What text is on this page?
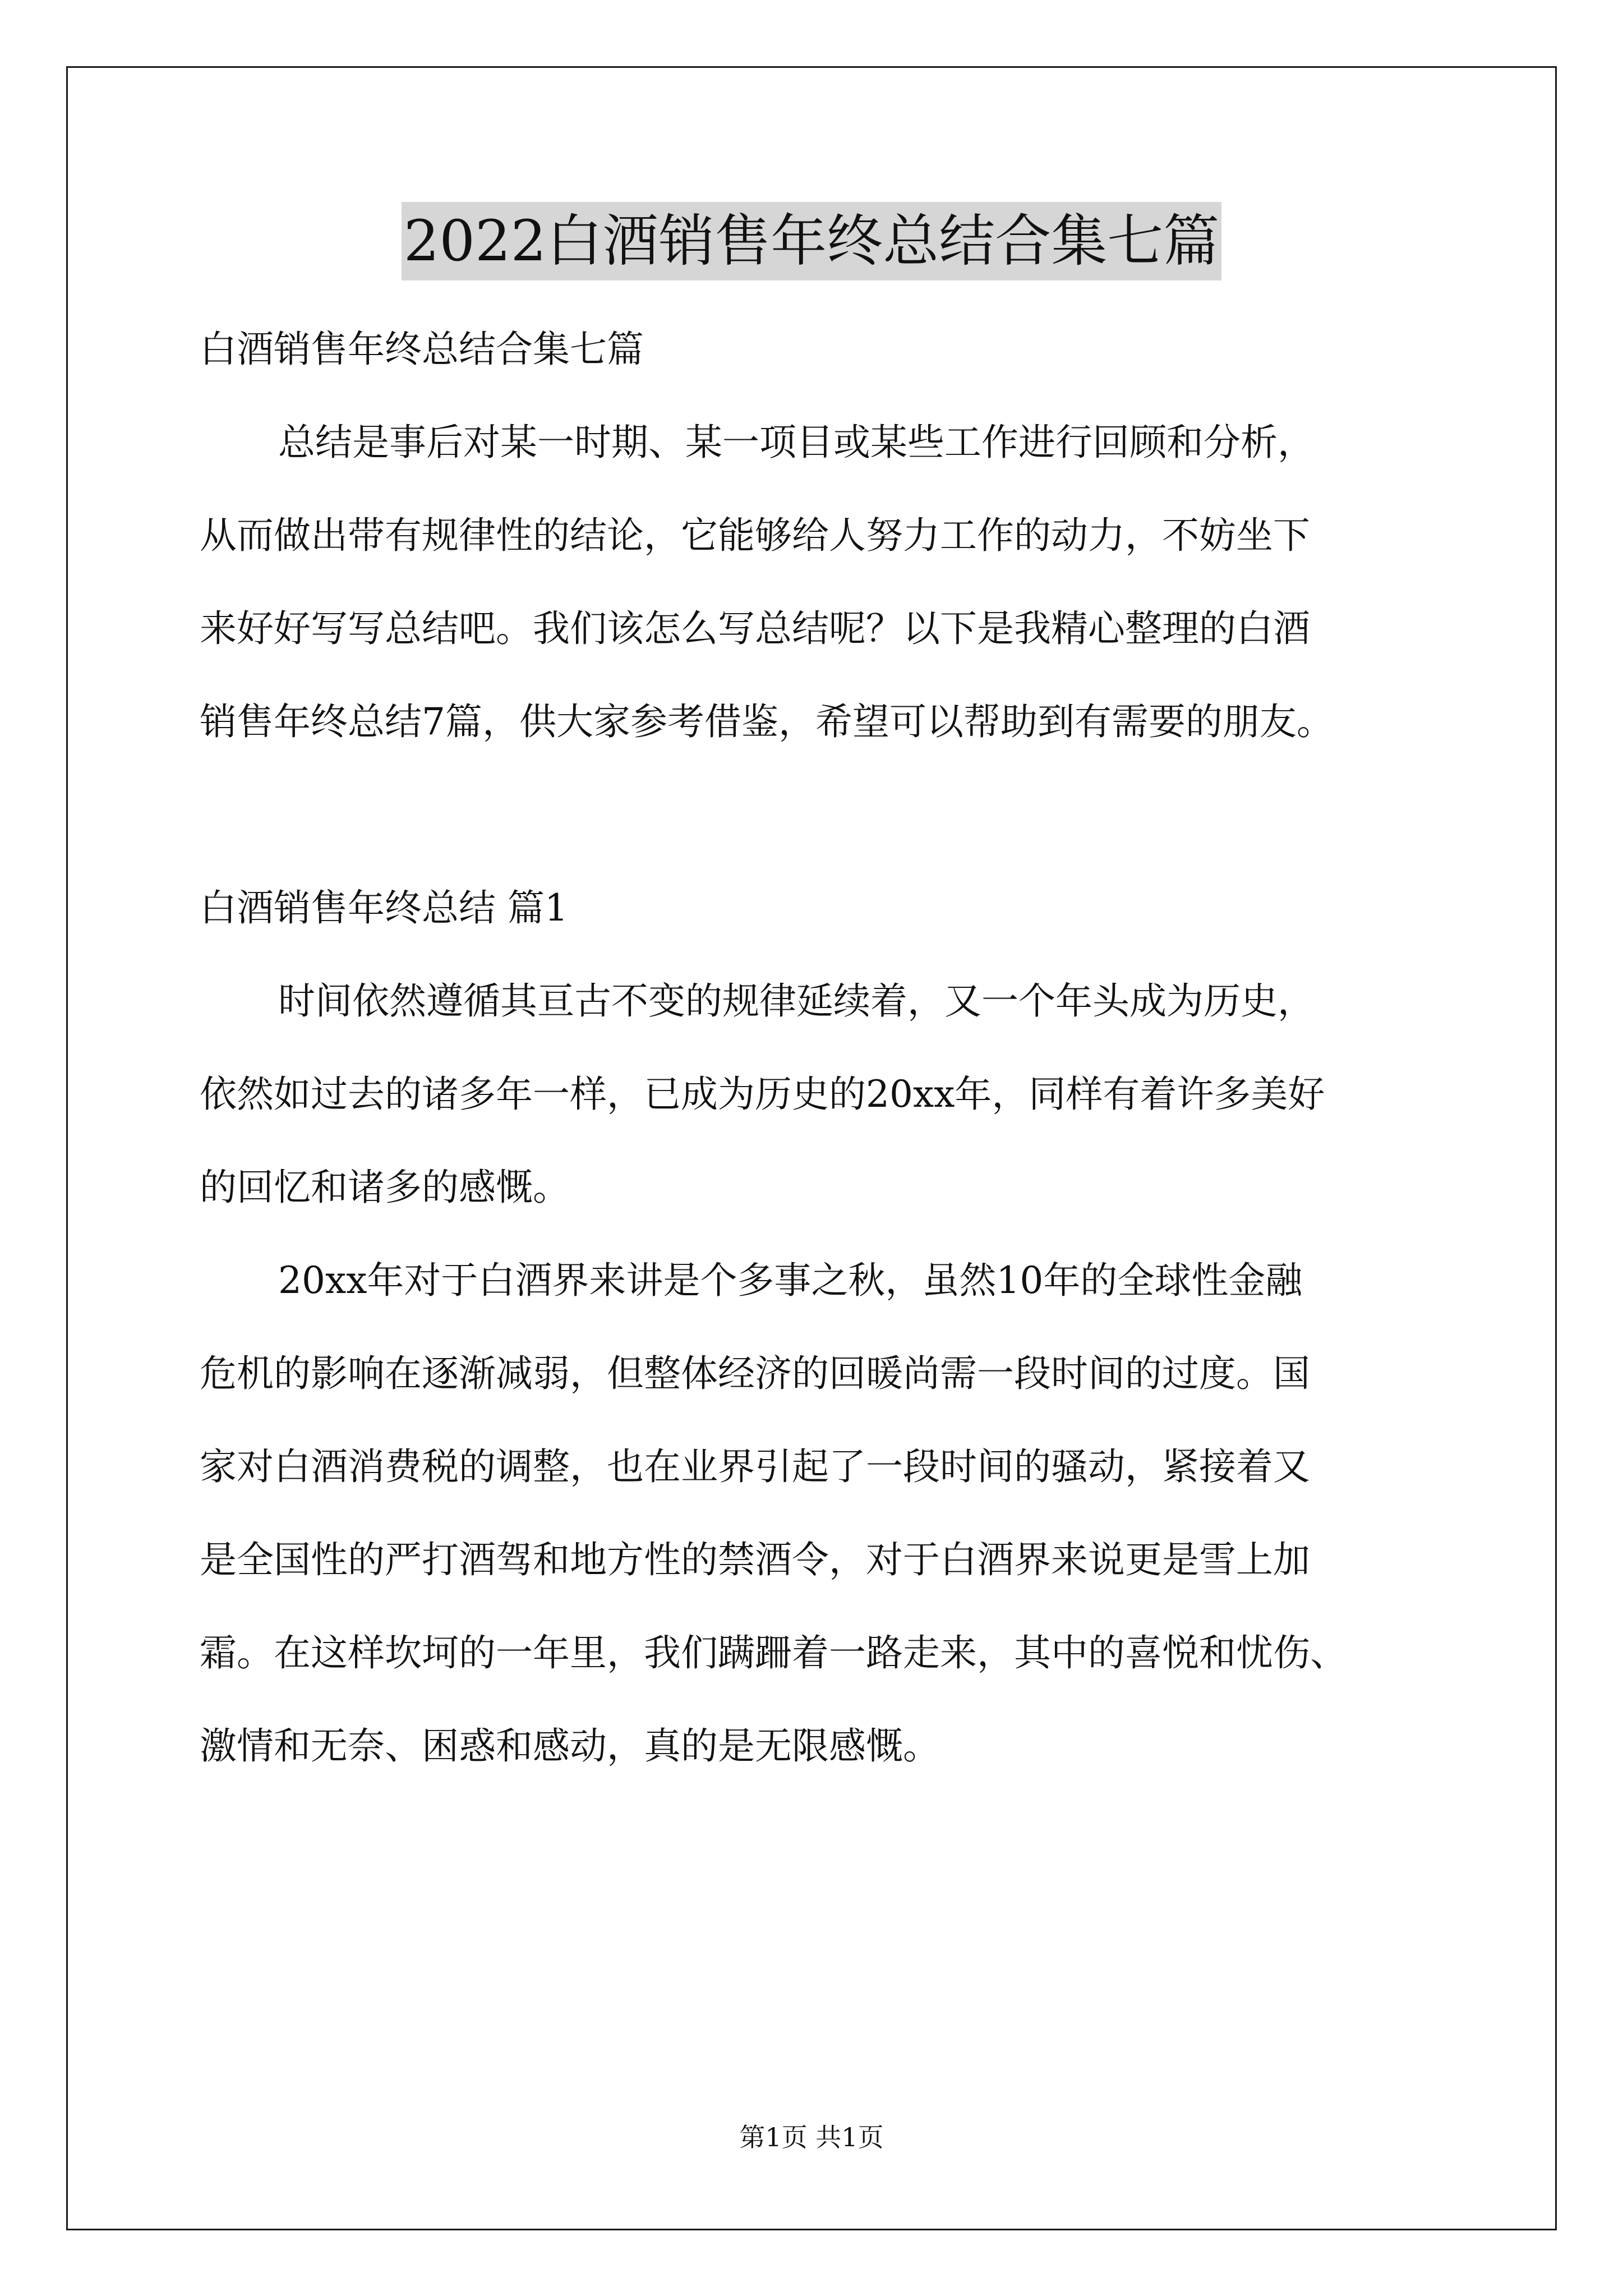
2022白酒销售年终总结合集七篇

白酒销售年终总结合集七篇

总结是事后对某一时期、某一项目或某些工作进行回顾和分析，

从而做出带有规律性的结论，它能够给人努力工作的动力，不妨坐下

来好好写写总结吧。我们该怎么写总结呢？以下是我精心整理的白酒

销售年终总结7篇，供大家参考借鉴，希望可以帮助到有需要的朋友。

白酒销售年终总结 篇1

时间依然遵循其亘古不变的规律延续着，又一个年头成为历史，

依然如过去的诸多年一样，已成为历史的20xx年，同样有着许多美好

的回忆和诸多的感慨。

20xx年对于白酒界来讲是个多事之秋，虽然10年的全球性金融

危机的影响在逐渐减弱，但整体经济的回暖尚需一段时间的过度。国

家对白酒消费税的调整，也在业界引起了一段时间的骚动，紧接着又

是全国性的严打酒驾和地方性的禁酒令，对于白酒界来说更是雪上加

霜。在这样坎坷的一年里，我们蹒跚着一路走来，其中的喜悦和忧伤、

激情和无奈、困惑和感动，真的是无限感慨。

第1页 共1页
